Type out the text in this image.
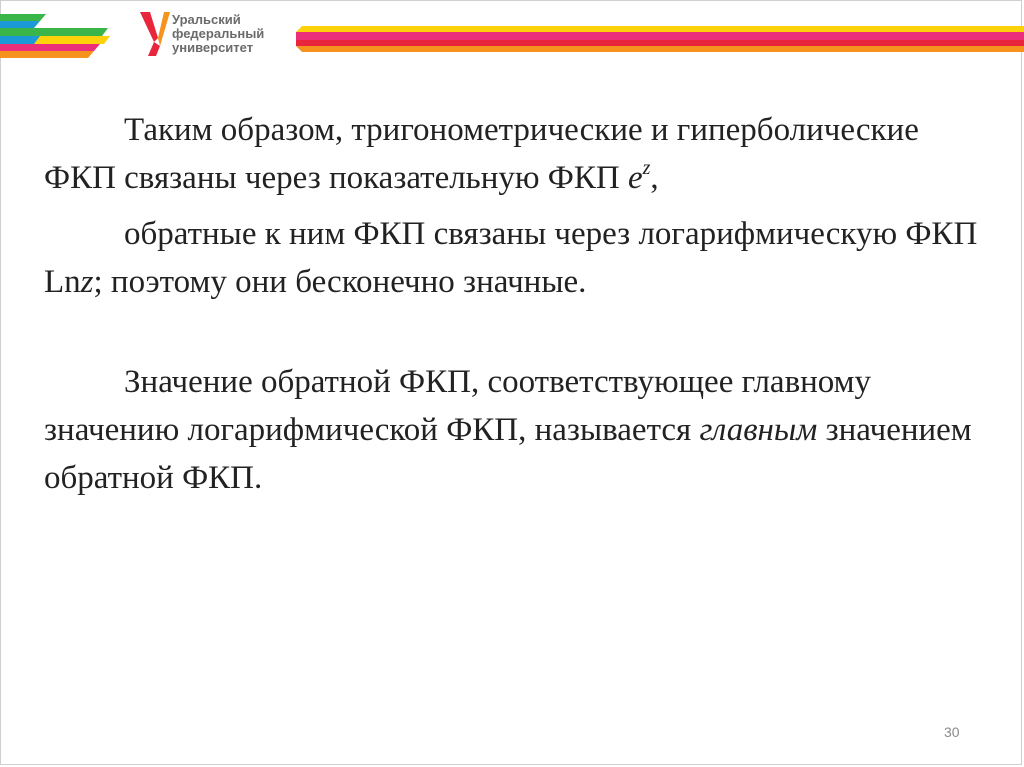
Уральский
федеральный
университет

Таким образом, тригонометрические и гиперболические ФКП связаны через показательную ФКП $e^z$,

обратные к ним ФКП связаны через логарифмическую ФКП Lnz; поэтому они бесконечно значные.

Значение обратной ФКП, соответствующее главному значению логарифмической ФКП, называется главным значением обратной ФКП.

30
